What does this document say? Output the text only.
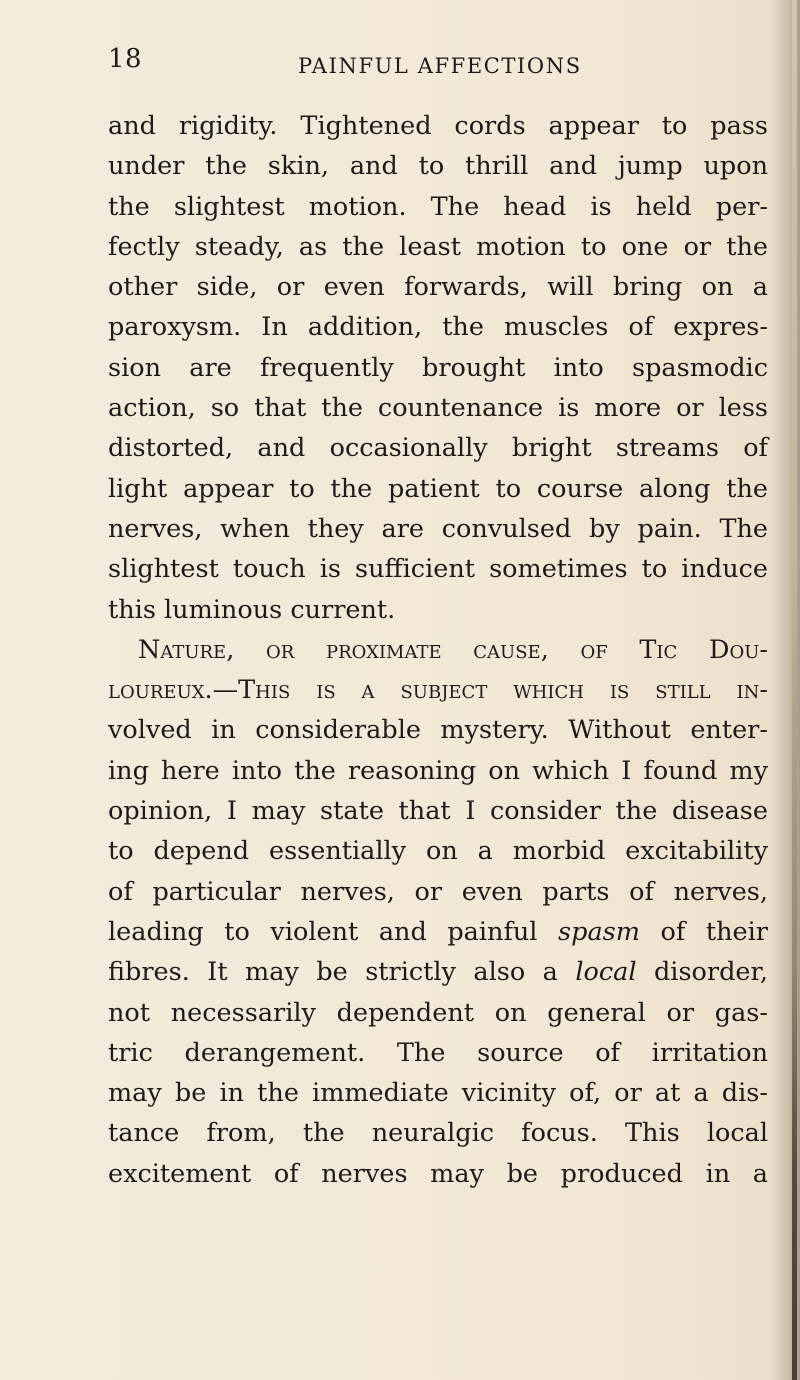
18	PAINFUL AFFECTIONS
and rigidity. Tightened cords appear to pass
under the skin, and to thrill and jump upon
the slightest motion. The head is held per-
fectly steady, as the least motion to one or the
other side, or even forwards, will bring on a
paroxysm. In addition, the muscles of expres-
sion are frequently brought into spasmodic
action, so that the countenance is more or less
distorted, and occasionally bright streams of
light appear to the patient to course along the
nerves, when they are convulsed by pain. The
slightest touch is sufficient sometimes to induce
this luminous current.
Nature, or proximate cause, of Tic Dou-
loureux.—This is a subject which is still in-
volved in considerable mystery. Without enter-
ing here into the reasoning on which I found my
opinion, I may state that I consider the disease
to depend essentially on a morbid excitability
of particular nerves, or even parts of nerves,
leading to violent and painful spasm of their
fibres. It may be strictly also a local disorder,
not necessarily dependent on general or gas-
tric derangement. The source of irritation
may be in the immediate vicinity of, or at a dis-
tance from, the neuralgic focus. This local
excitement of nerves may be produced in a
